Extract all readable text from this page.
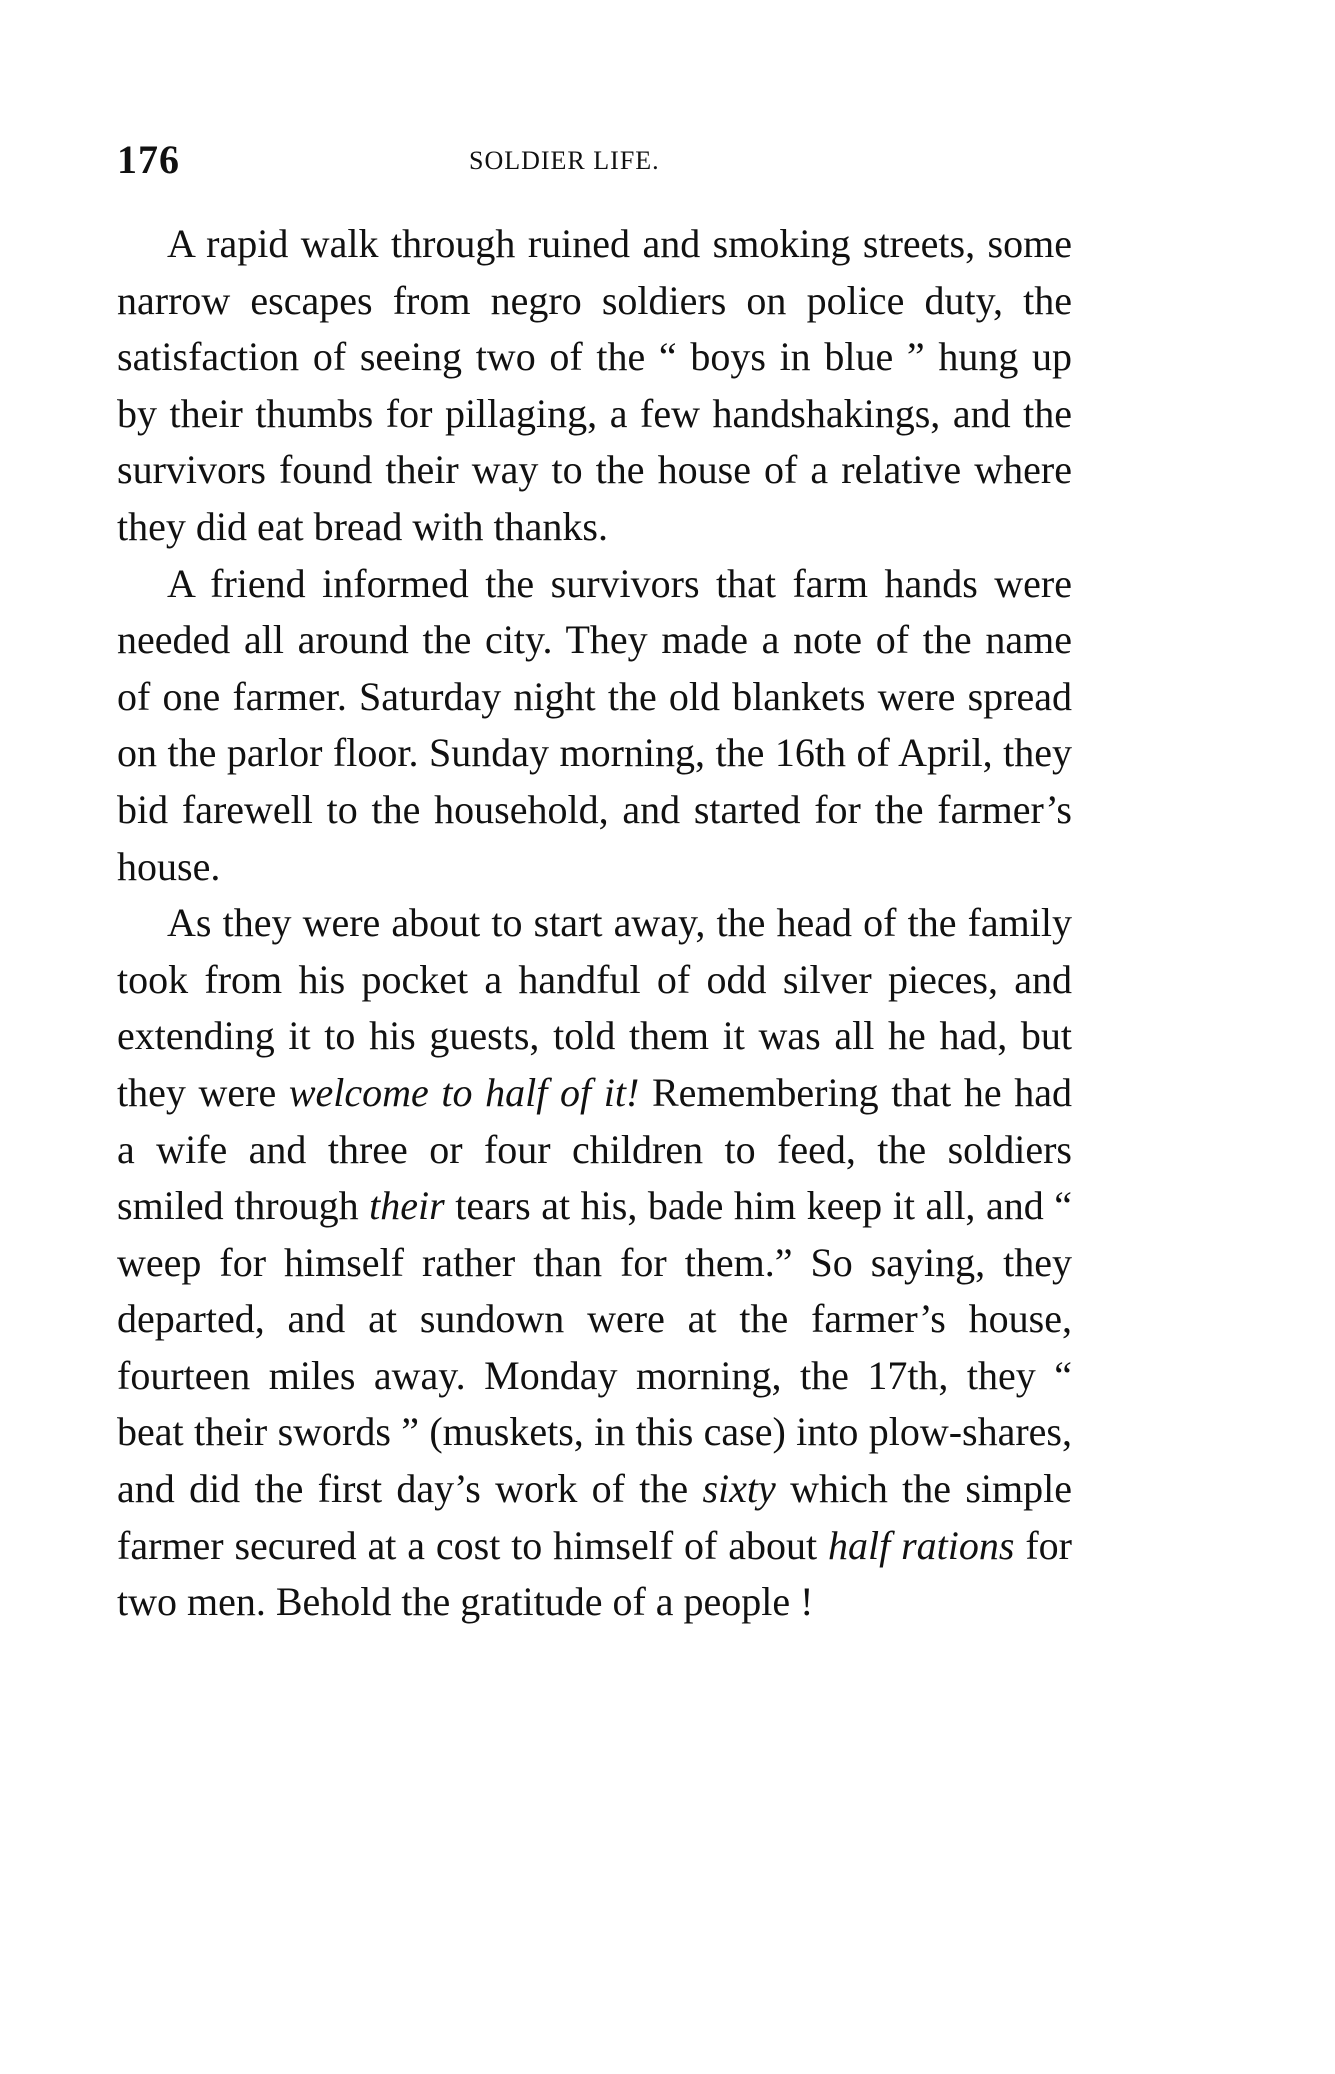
176	SOLDIER LIFE.

A rapid walk through ruined and smoking streets, some narrow escapes from negro soldiers on police duty, the satisfaction of seeing two of the “ boys in blue ” hung up by their thumbs for pillaging, a few handshakings, and the survivors found their way to the house of a relative where they did eat bread with thanks.

A friend informed the survivors that farm hands were needed all around the city. They made a note of the name of one farmer. Saturday night the old blankets were spread on the parlor floor. Sunday morning, the 16th of April, they bid farewell to the household, and started for the farmer’s house.

As they were about to start away, the head of the family took from his pocket a handful of odd silver pieces, and extending it to his guests, told them it was all he had, but they were welcome to half of it! Remembering that he had a wife and three or four children to feed, the soldiers smiled through their tears at his, bade him keep it all, and “ weep for himself rather than for them.” So saying, they departed, and at sundown were at the farmer’s house, fourteen miles away. Monday morning, the 17th, they “ beat their swords ” (muskets, in this case) into plow-shares, and did the first day’s work of the sixty which the simple farmer secured at a cost to himself of about half rations for two men. Behold the gratitude of a people !
